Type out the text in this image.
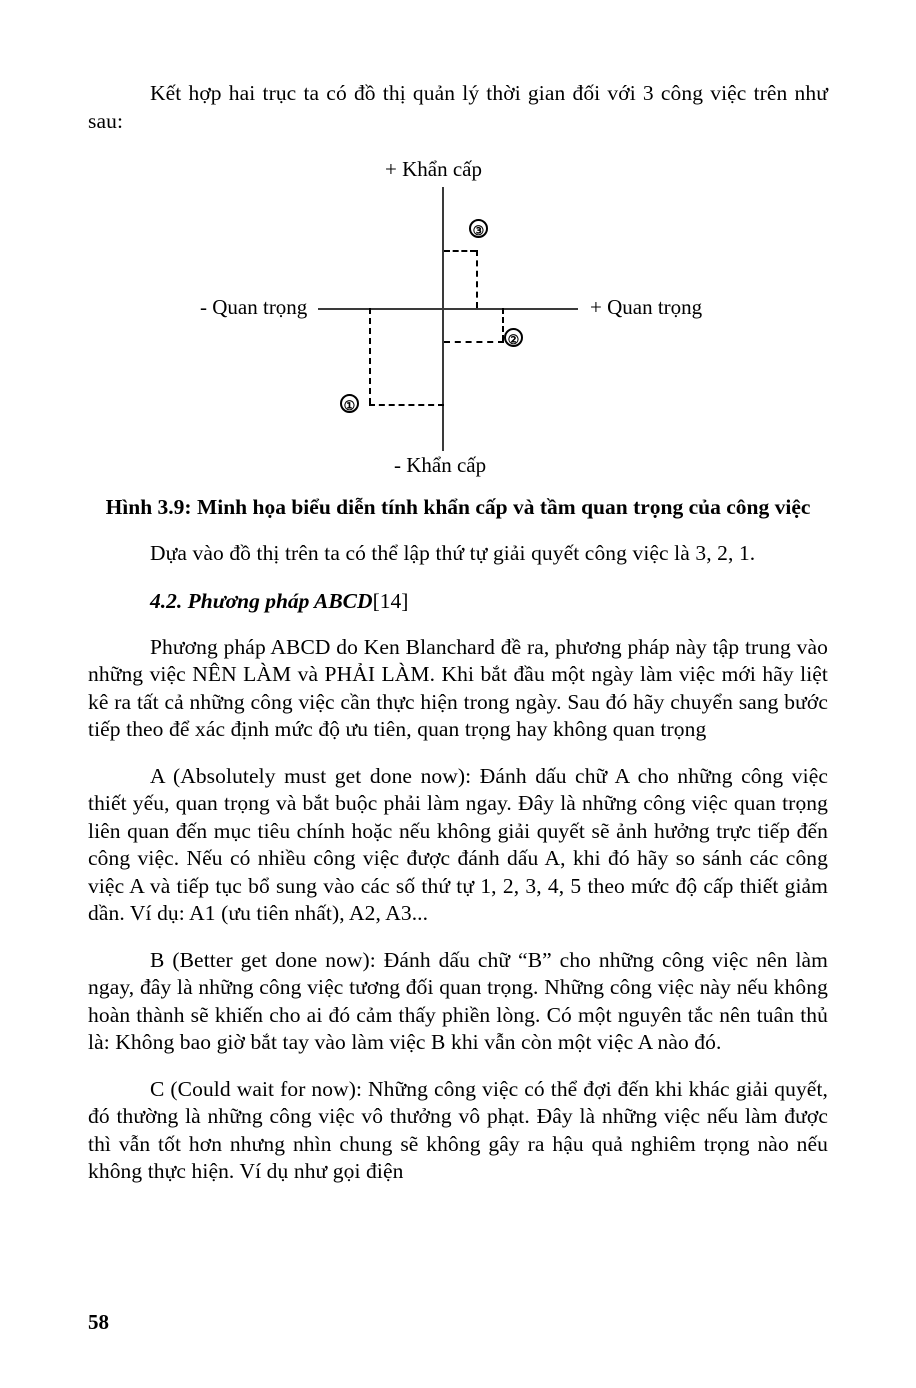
Kết hợp hai trục ta có đồ thị quản lý thời gian đối với 3 công việc trên như sau:

+ Khẩn cấp
- Khẩn cấp
- Quan trọng	+ Quan trọng
③
②
①

Hình 3.9: Minh họa biểu diễn tính khẩn cấp và tầm quan trọng của công việc

Dựa vào đồ thị trên ta có thể lập thứ tự giải quyết công việc là 3, 2, 1.

4.2. Phương pháp ABCD[14]

Phương pháp ABCD do Ken Blanchard đề ra, phương pháp này tập trung vào những việc NÊN LÀM và PHẢI LÀM. Khi bắt đầu một ngày làm việc mới hãy liệt kê ra tất cả những công việc cần thực hiện trong ngày. Sau đó hãy chuyển sang bước tiếp theo để xác định mức độ ưu tiên, quan trọng hay không quan trọng

A (Absolutely must get done now): Đánh dấu chữ A cho những công việc thiết yếu, quan trọng và bắt buộc phải làm ngay. Đây là những công việc quan trọng liên quan đến mục tiêu chính hoặc nếu không giải quyết sẽ ảnh hưởng trực tiếp đến công việc. Nếu có nhiều công việc được đánh dấu A, khi đó hãy so sánh các công việc A và tiếp tục bổ sung vào các số thứ tự 1, 2, 3, 4, 5 theo mức độ cấp thiết giảm dần. Ví dụ: A1 (ưu tiên nhất), A2, A3...

B (Better get done now): Đánh dấu chữ “B” cho những công việc nên làm ngay, đây là những công việc tương đối quan trọng. Những công việc này nếu không hoàn thành sẽ khiến cho ai đó cảm thấy phiền lòng. Có một nguyên tắc nên tuân thủ là: Không bao giờ bắt tay vào làm việc B khi vẫn còn một việc A nào đó.

C (Could wait for now): Những công việc có thể đợi đến khi khác giải quyết, đó thường là những công việc vô thưởng vô phạt. Đây là những việc nếu làm được thì vẫn tốt hơn nhưng nhìn chung sẽ không gây ra hậu quả nghiêm trọng nào nếu không thực hiện. Ví dụ như gọi điện

58
